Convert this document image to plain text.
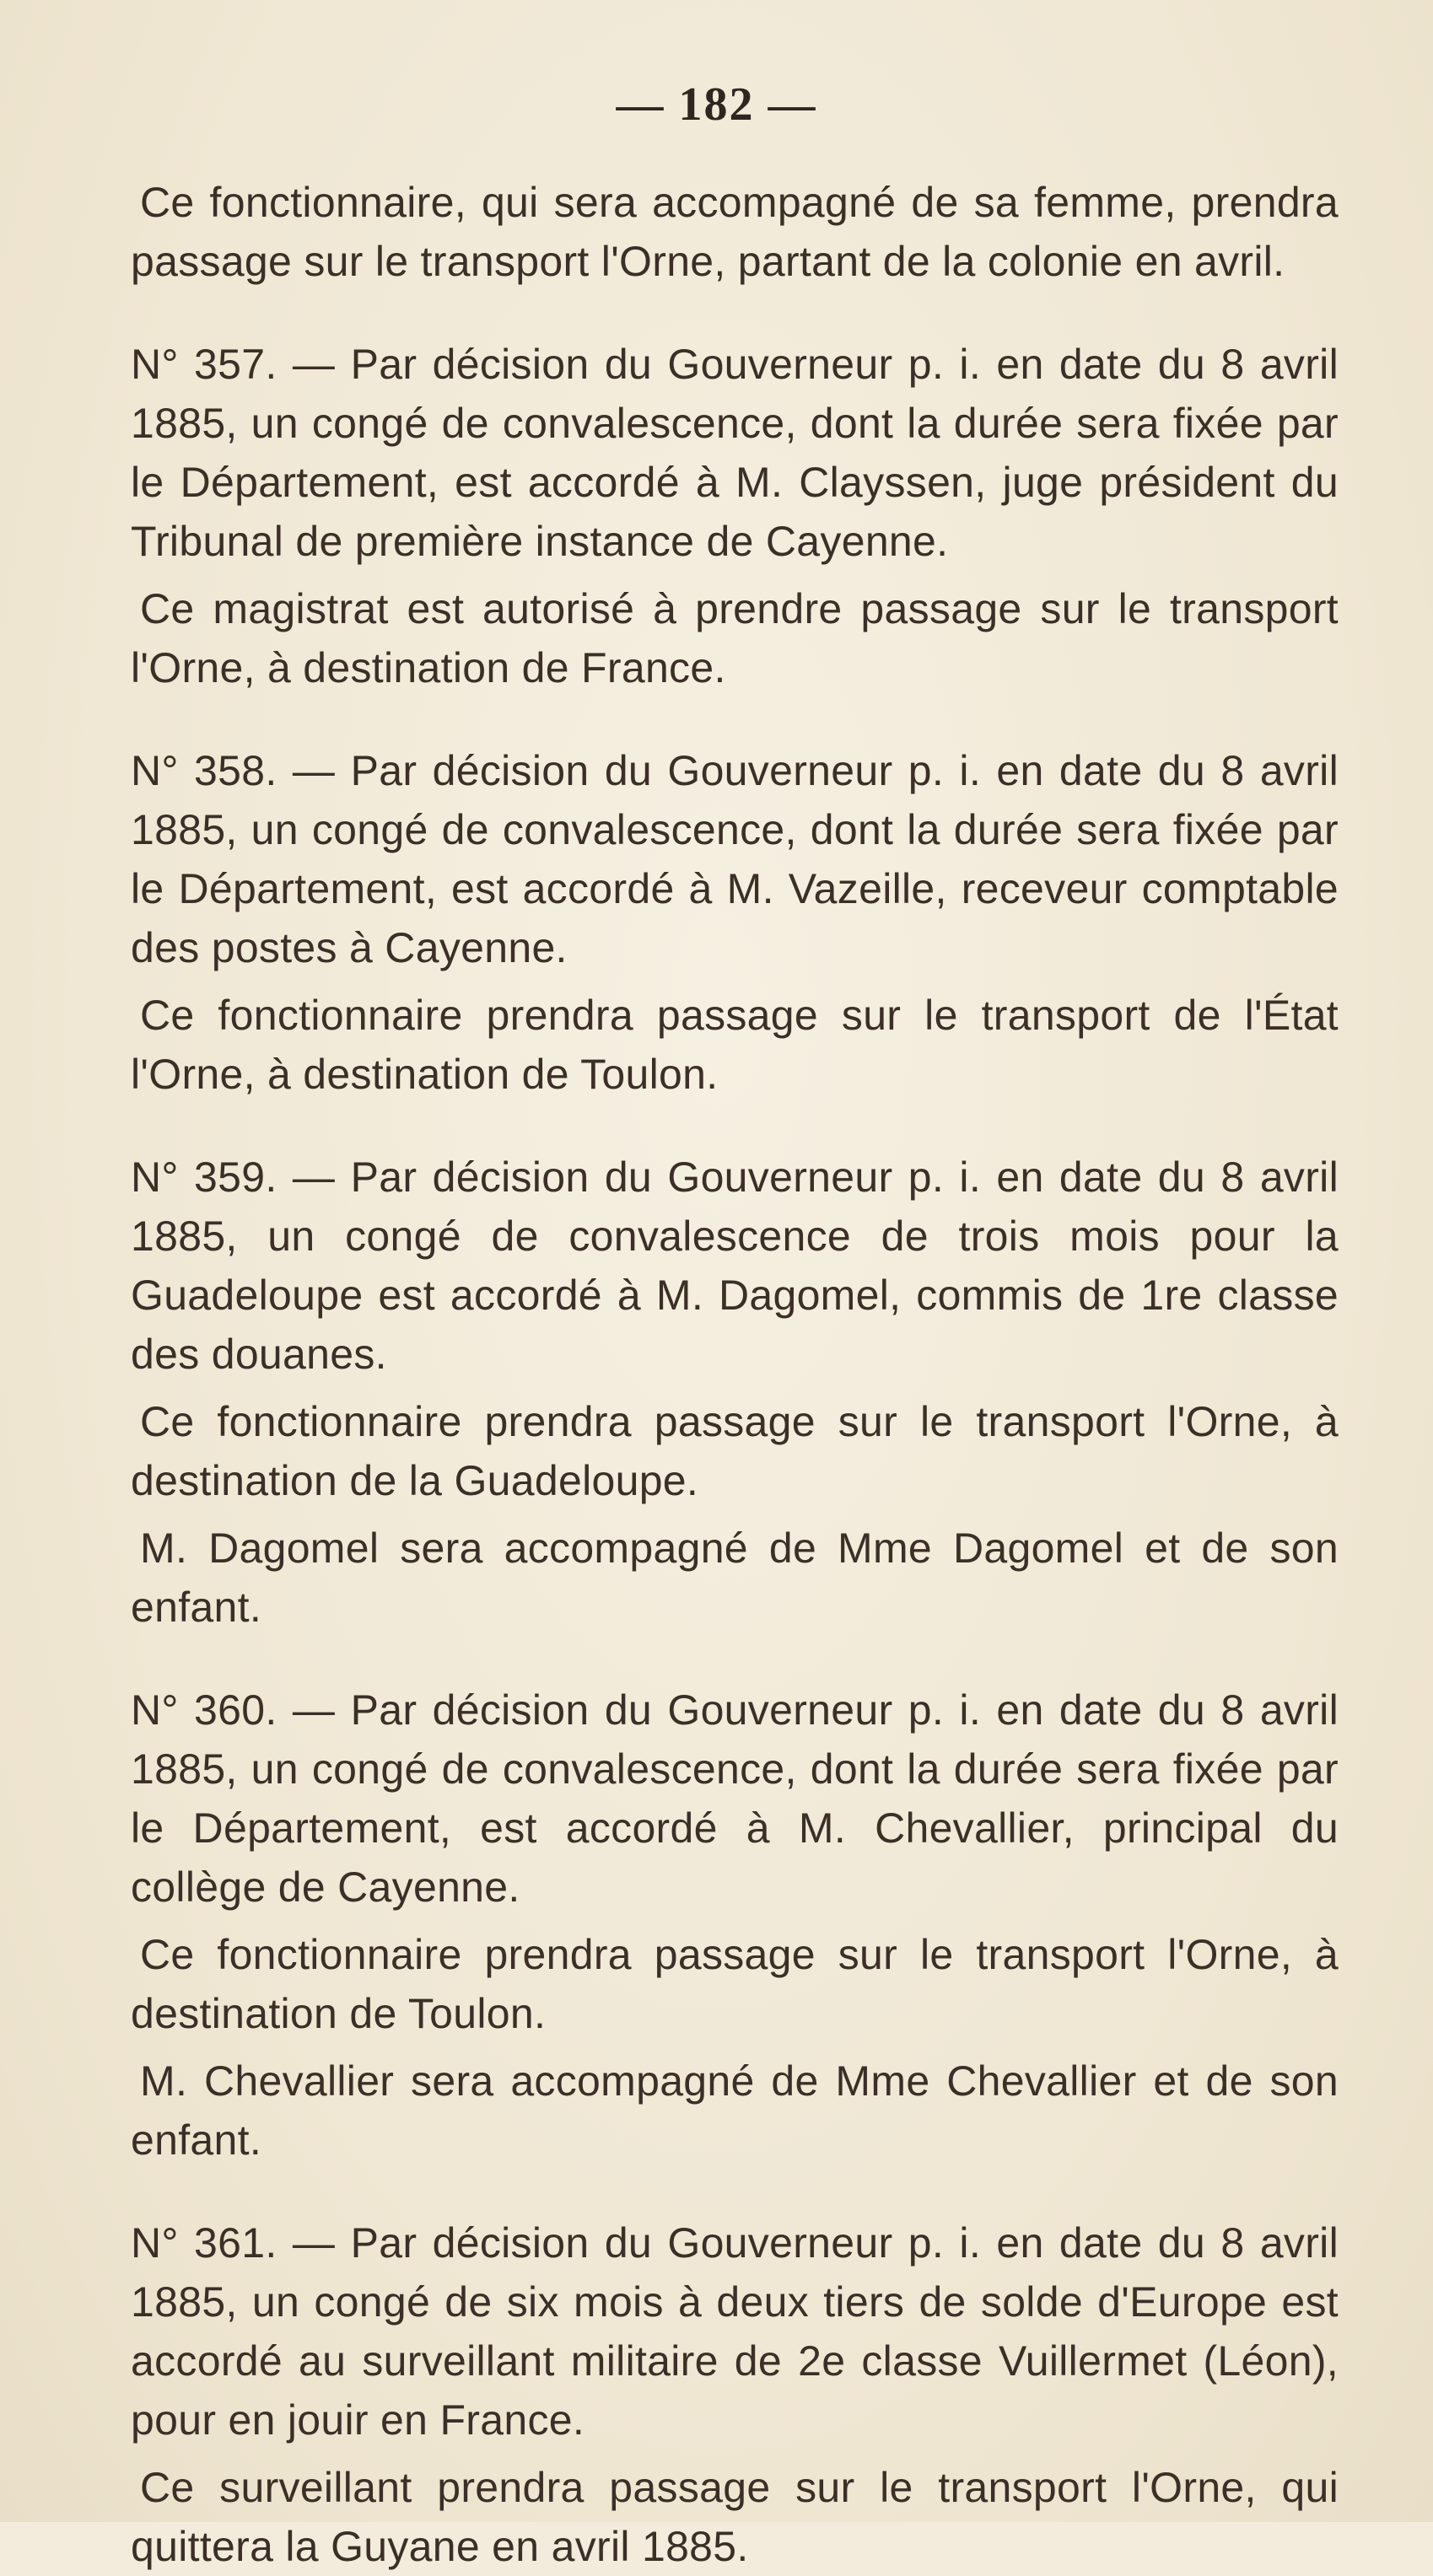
— 182 —

Ce fonctionnaire, qui sera accompagné de sa femme, prendra passage sur le transport l'Orne, partant de la colonie en avril.

N° 357. — Par décision du Gouverneur p. i. en date du 8 avril 1885, un congé de convalescence, dont la durée sera fixée par le Département, est accordé à M. Clayssen, juge président du Tribunal de première instance de Cayenne.

Ce magistrat est autorisé à prendre passage sur le transport l'Orne, à destination de France.

N° 358. — Par décision du Gouverneur p. i. en date du 8 avril 1885, un congé de convalescence, dont la durée sera fixée par le Département, est accordé à M. Vazeille, receveur comptable des postes à Cayenne.

Ce fonctionnaire prendra passage sur le transport de l'État l'Orne, à destination de Toulon.

N° 359. — Par décision du Gouverneur p. i. en date du 8 avril 1885, un congé de convalescence de trois mois pour la Guadeloupe est accordé à M. Dagomel, commis de 1re classe des douanes.

Ce fonctionnaire prendra passage sur le transport l'Orne, à destination de la Guadeloupe.

M. Dagomel sera accompagné de Mme Dagomel et de son enfant.

N° 360. — Par décision du Gouverneur p. i. en date du 8 avril 1885, un congé de convalescence, dont la durée sera fixée par le Département, est accordé à M. Chevallier, principal du collège de Cayenne.

Ce fonctionnaire prendra passage sur le transport l'Orne, à destination de Toulon.

M. Chevallier sera accompagné de Mme Chevallier et de son enfant.

N° 361. — Par décision du Gouverneur p. i. en date du 8 avril 1885, un congé de six mois à deux tiers de solde d'Europe est accordé au surveillant militaire de 2e classe Vuillermet (Léon), pour en jouir en France.

Ce surveillant prendra passage sur le transport l'Orne, qui quittera la Guyane en avril 1885.
